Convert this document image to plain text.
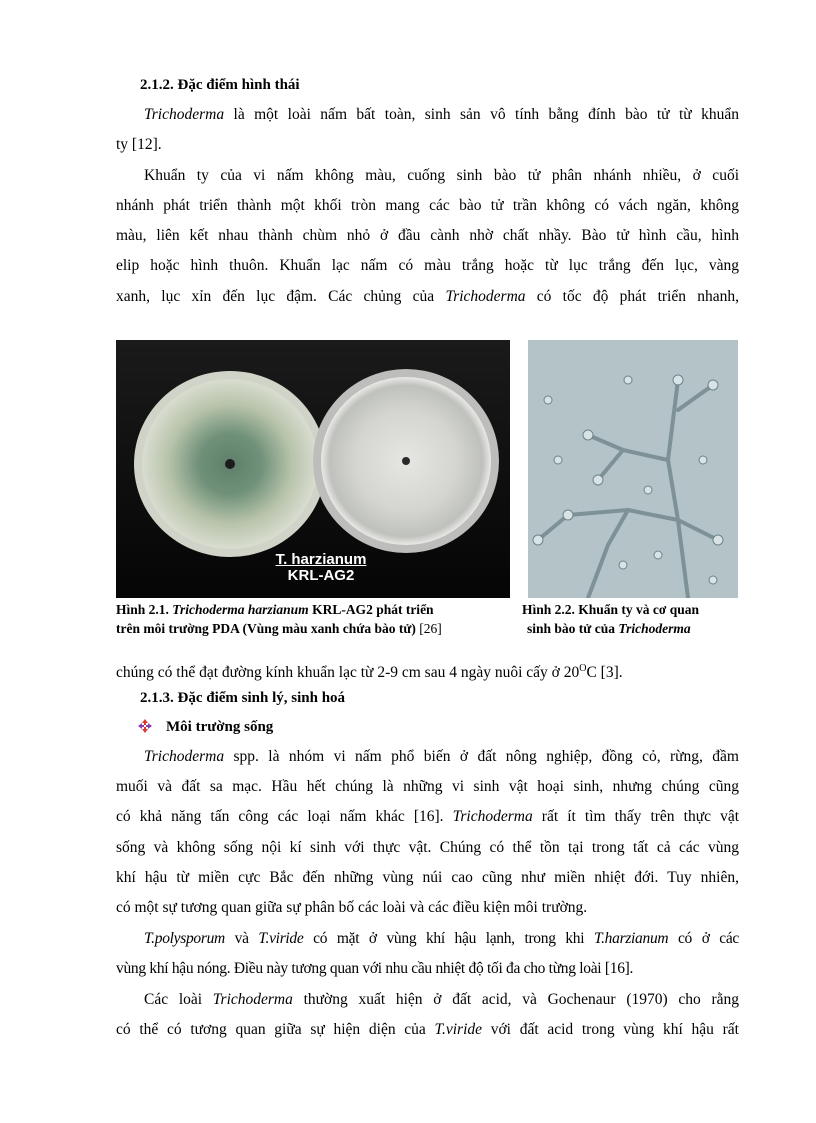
2.1.2. Đặc điểm hình thái
Trichoderma là một loài nấm bất toàn, sinh sản vô tính bằng đính bào tử từ khuẩn
ty [12].
Khuẩn ty của vi nấm không màu, cuống sinh bào tử phân nhánh nhiều, ở cuối
nhánh phát triển thành một khối tròn mang các bào tử trần không có vách ngăn, không
màu, liên kết nhau thành chùm nhỏ ở đầu cành nhờ chất nhầy. Bào tử hình cầu, hình
elip hoặc hình thuôn. Khuẩn lạc nấm có màu trắng hoặc từ lục trắng đến lục, vàng
xanh, lục xỉn đến lục đậm. Các chủng của Trichoderma có tốc độ phát triển nhanh,
T. harzianum
KRL-AG2
Hình 2.1. Trichoderma harzianum KRL-AG2 phát triển
trên môi trường PDA (Vùng màu xanh chứa bào tử) [26]
Hình 2.2. Khuẩn ty và cơ quan
sinh bào tử của Trichoderma
chúng có thể đạt đường kính khuẩn lạc từ 2-9 cm sau 4 ngày nuôi cấy ở $20^OC$ [3].
2.1.3. Đặc điểm sinh lý, sinh hoá
Môi trường sống
Trichoderma spp. là nhóm vi nấm phổ biến ở đất nông nghiệp, đồng cỏ, rừng, đầm
muối và đất sa mạc. Hầu hết chúng là những vi sinh vật hoại sinh, nhưng chúng cũng
có khả năng tấn công các loại nấm khác [16]. Trichoderma rất ít tìm thấy trên thực vật
sống và không sống nội kí sinh với thực vật. Chúng có thể tồn tại trong tất cả các vùng
khí hậu từ miền cực Bắc đến những vùng núi cao cũng như miền nhiệt đới. Tuy nhiên,
có một sự tương quan giữa sự phân bố các loài và các điều kiện môi trường.
T.polysporum và T.viride có mặt ở vùng khí hậu lạnh, trong khi T.harzianum có ở các
vùng khí hậu nóng. Điều này tương quan với nhu cầu nhiệt độ tối đa cho từng loài [16].
Các loài Trichoderma thường xuất hiện ở đất acid, và Gochenaur (1970) cho rằng
có thể có tương quan giữa sự hiện diện của T.viride với đất acid trong vùng khí hậu rất
